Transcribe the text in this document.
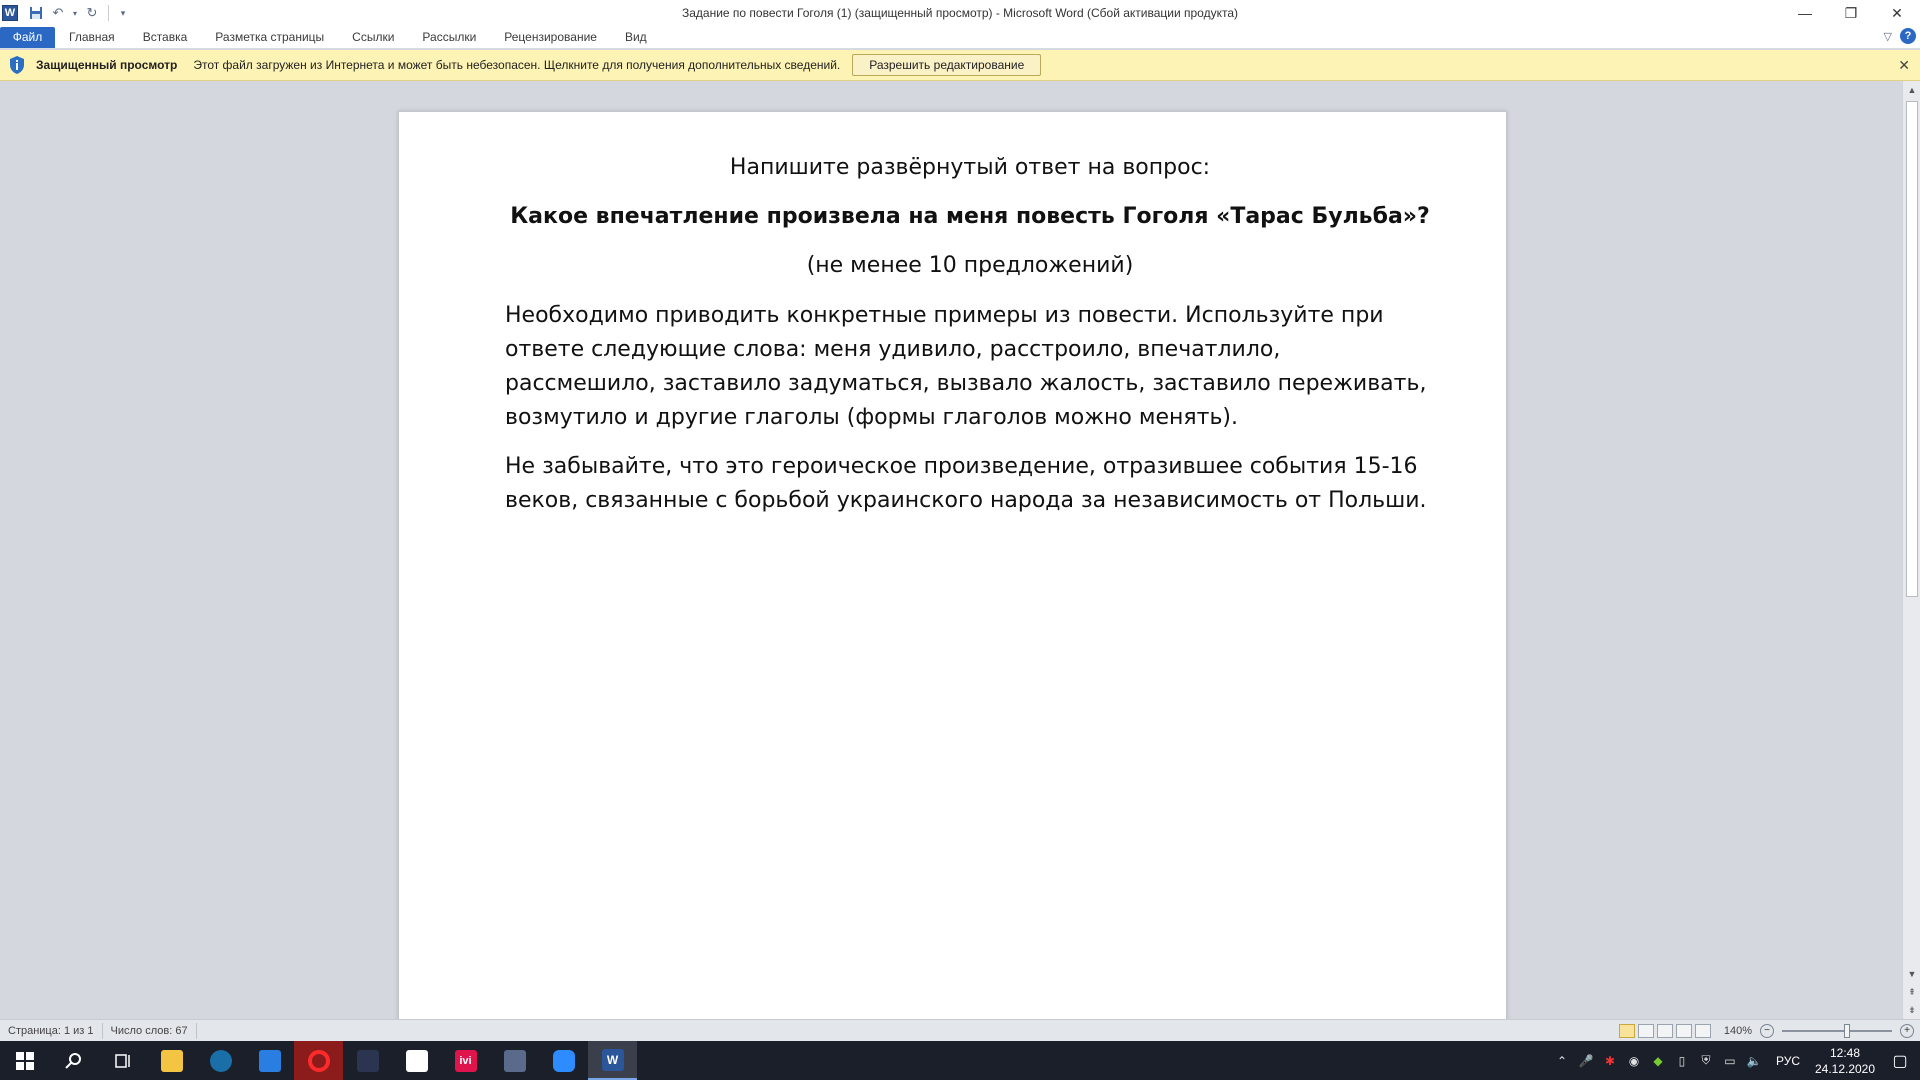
W	↶	▾ ↻	▾	Задание по повести Гоголя (1) (защищенный просмотр) - Microsoft Word (Сбой активации продукта)	—	❐	✕
Файл	Главная	Вставка	Разметка страницы	Ссылки	Рассылки	Рецензирование	Вид	▽	?
Защищенный просмотр Этот файл загружен из Интернета и может быть небезопасен. Щелкните для получения дополнительных сведений.	Разрешить редактирование	✕

Напишите развёрнутый ответ на вопрос:

Какое впечатление произвела на меня повесть Гоголя «Тарас Бульба»?

(не менее 10 предложений)

Необходимо приводить конкретные примеры из повести. Используйте при ответе следующие слова: меня удивило, расстроило, впечатлило, рассмешило, заставило задуматься, вызвало жалость, заставило переживать, возмутило и другие глаголы (формы глаголов можно менять).

Не забывайте, что это героическое произведение, отразившее события 15-16 веков, связанные с борьбой украинского народа за независимость от Польши.

▲
▼
⇞
⇟
Страница: 1 из 1	Число слов: 67	140%	−	+
ivi	W	⌃ 🎤 ✱	◉	◆	▯	⛨	▭ 🔈	РУС
12:48
24.12.2020	▢
